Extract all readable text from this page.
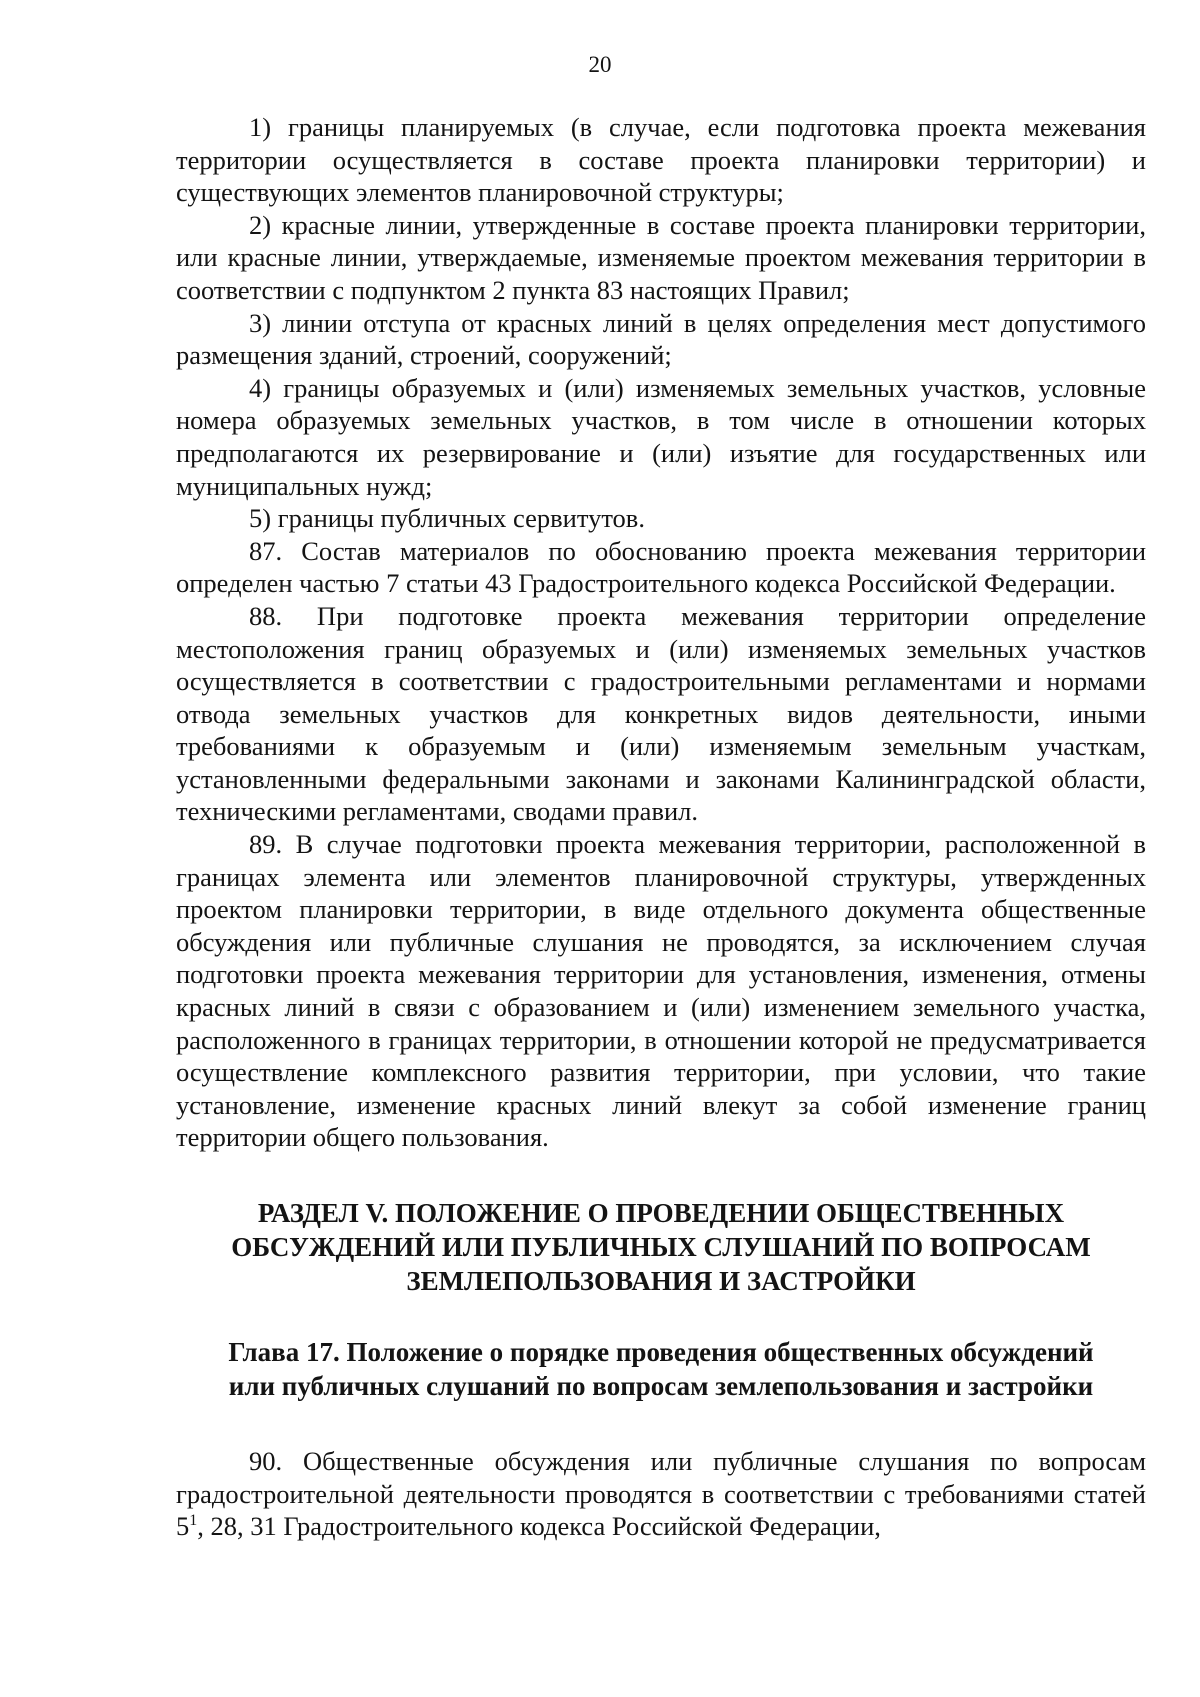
20

1) границы планируемых (в случае, если подготовка проекта межевания территории осуществляется в составе проекта планировки территории) и существующих элементов планировочной структуры;

2) красные линии, утвержденные в составе проекта планировки территории, или красные линии, утверждаемые, изменяемые проектом межевания территории в соответствии с подпунктом 2 пункта 83 настоящих Правил;

3) линии отступа от красных линий в целях определения мест допустимого размещения зданий, строений, сооружений;

4) границы образуемых и (или) изменяемых земельных участков, условные номера образуемых земельных участков, в том числе в отношении которых предполагаются их резервирование и (или) изъятие для государственных или муниципальных нужд;

5) границы публичных сервитутов.

87. Состав материалов по обоснованию проекта межевания территории определен частью 7 статьи 43 Градостроительного кодекса Российской Федерации.

88. При подготовке проекта межевания территории определение местоположения границ образуемых и (или) изменяемых земельных участков осуществляется в соответствии с градостроительными регламентами и нормами отвода земельных участков для конкретных видов деятельности, иными требованиями к образуемым и (или) изменяемым земельным участкам, установленными федеральными законами и законами Калининградской области, техническими регламентами, сводами правил.

89. В случае подготовки проекта межевания территории, расположенной в границах элемента или элементов планировочной структуры, утвержденных проектом планировки территории, в виде отдельного документа общественные обсуждения или публичные слушания не проводятся, за исключением случая подготовки проекта межевания территории для установления, изменения, отмены красных линий в связи с образованием и (или) изменением земельного участка, расположенного в границах территории, в отношении которой не предусматривается осуществление комплексного развития территории, при условии, что такие установление, изменение красных линий влекут за собой изменение границ территории общего пользования.

РАЗДЕЛ V. ПОЛОЖЕНИЕ О ПРОВЕДЕНИИ ОБЩЕСТВЕННЫХ
ОБСУЖДЕНИЙ ИЛИ ПУБЛИЧНЫХ СЛУШАНИЙ ПО ВОПРОСАМ
ЗЕМЛЕПОЛЬЗОВАНИЯ И ЗАСТРОЙКИ
Глава 17. Положение о порядке проведения общественных обсуждений
или публичных слушаний по вопросам землепользования и застройки

90. Общественные обсуждения или публичные слушания по вопросам градостроительной деятельности проводятся в соответствии с требованиями статей $5^1$, 28, 31 Градостроительного кодекса Российской Федерации,
